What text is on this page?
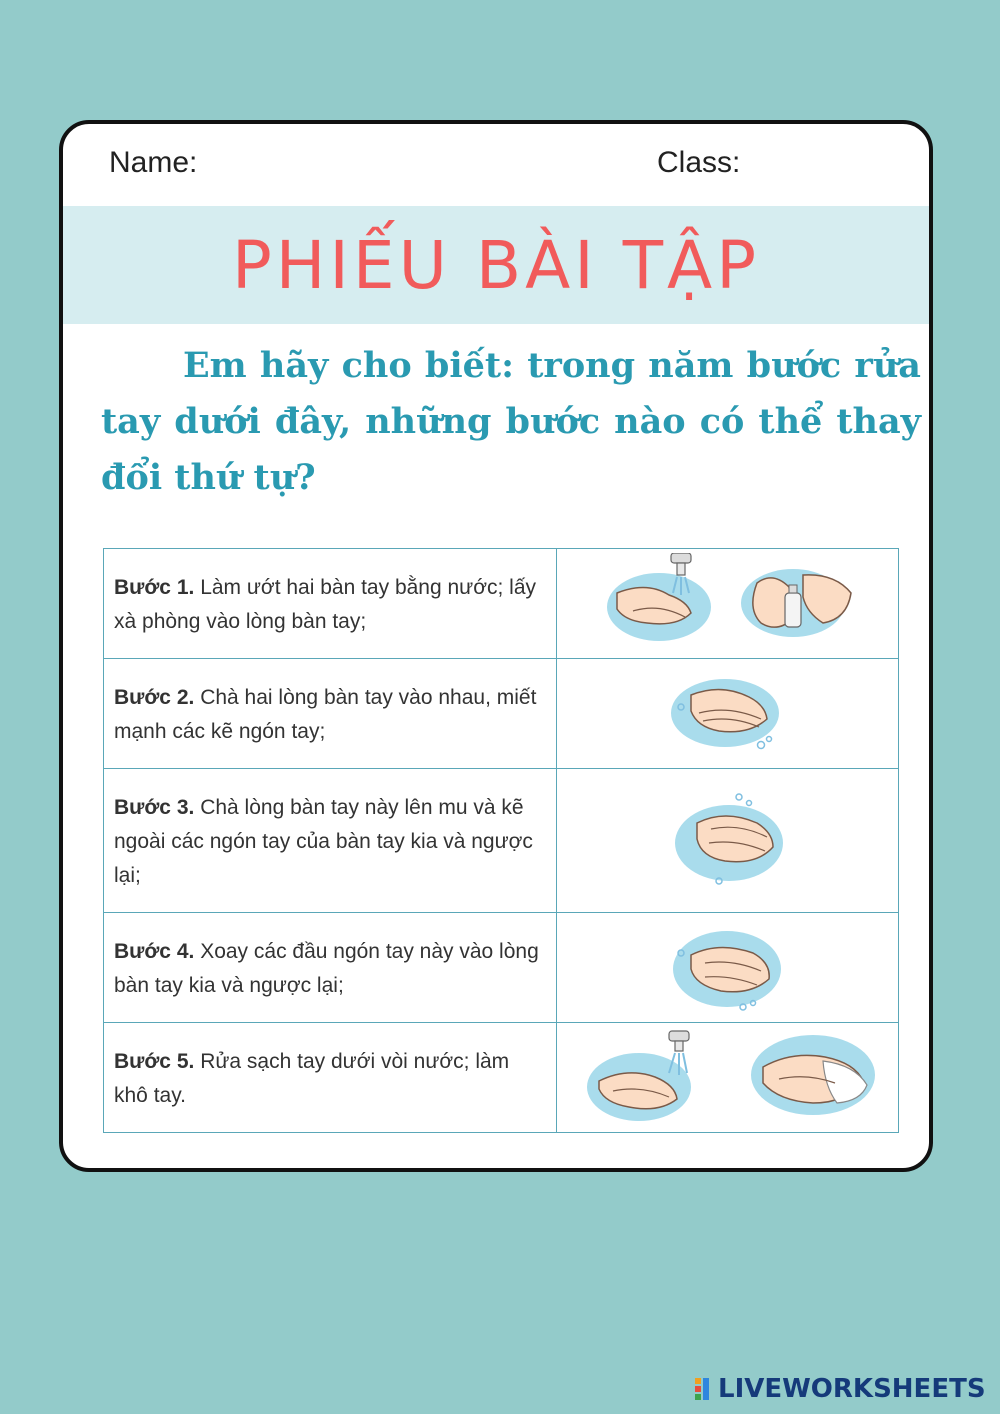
Name:	Class:
PHIẾU BÀI TẬP
Em hãy cho biết: trong năm bước rửa tay dưới đây, những bước nào có thể thay đổi thứ tự?
Bước 1. Làm ướt hai bàn tay bằng nước; lấy xà phòng vào lòng bàn tay;	

Bước 2. Chà hai lòng bàn tay vào nhau, miết mạnh các kẽ ngón tay;	

Bước 3. Chà lòng bàn tay này lên mu và kẽ ngoài các ngón tay của bàn tay kia và ngược lại;	

Bước 4. Xoay các đầu ngón tay này vào lòng bàn tay kia và ngược lại;	

Bước 5. Rửa sạch tay dưới vòi nước; làm khô tay.	
LIVEWORKSHEETS
